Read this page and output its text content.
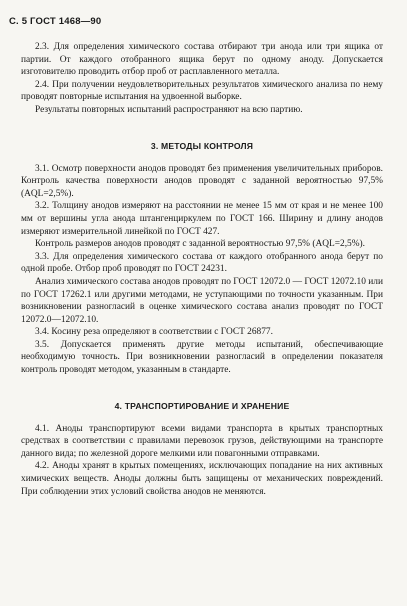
С. 5 ГОСТ 1468—90

2.3. Для определения химического состава отбирают три анода или три ящика от партии. От каждого отобранного ящика берут по одному аноду. Допускается изготовителю проводить отбор проб от расплавленного металла.

2.4. При получении неудовлетворительных результатов химического анализа по нему проводят повторные испытания на удвоенной выборке.

Результаты повторных испытаний распространяют на всю партию.

3. МЕТОДЫ КОНТРОЛЯ

3.1. Осмотр поверхности анодов проводят без применения увеличительных приборов. Контроль качества поверхности анодов проводят с заданной вероятностью 97,5% (AQL=2,5%).

3.2. Толщину анодов измеряют на расстоянии не менее 15 мм от края и не менее 100 мм от вершины угла анода штангенциркулем по ГОСТ 166. Ширину и длину анодов измеряют измерительной линейкой по ГОСТ 427.

Контроль размеров анодов проводят с заданной вероятностью 97,5% (AQL=2,5%).

3.3. Для определения химического состава от каждого отобранного анода берут по одной пробе. Отбор проб проводят по ГОСТ 24231.

Анализ химического состава анодов проводят по ГОСТ 12072.0 — ГОСТ 12072.10 или по ГОСТ 17262.1 или другими методами, не уступающими по точности указанным. При возникновении разногласий в оценке химического состава анализ проводят по ГОСТ 12072.0—12072.10.

3.4. Косину реза определяют в соответствии с ГОСТ 26877.

3.5. Допускается применять другие методы испытаний, обеспечивающие необходимую точность. При возникновении разногласий в определении показателя контроль проводят методом, указанным в стандарте.

4. ТРАНСПОРТИРОВАНИЕ И ХРАНЕНИЕ

4.1. Аноды транспортируют всеми видами транспорта в крытых транспортных средствах в соответствии с правилами перевозок грузов, действующими на транспорте данного вида; по железной дороге мелкими или повагонными отправками.

4.2. Аноды хранят в крытых помещениях, исключающих попадание на них активных химических веществ. Аноды должны быть защищены от механических повреждений. При соблюдении этих условий свойства анодов не меняются.
